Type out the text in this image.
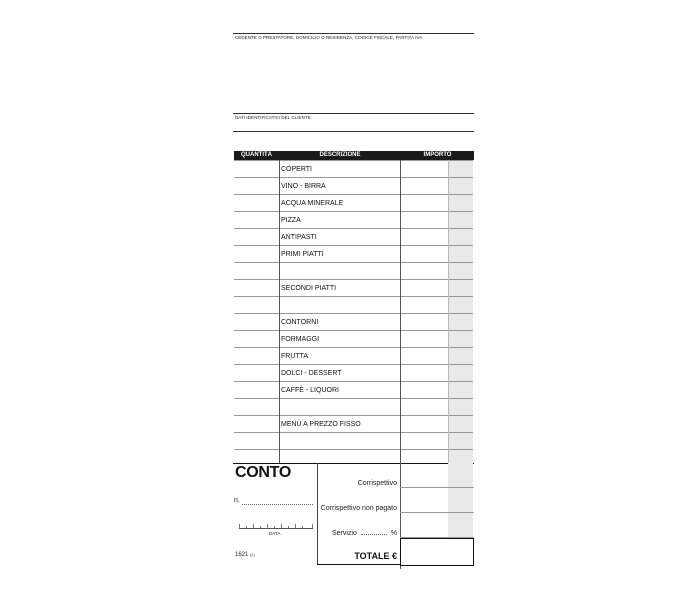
CEDENTE O PRESTATORE, DOMICILIO O RESIDENZA, CODICE FISCALE, PARTITA IVA
DATI IDENTIFICATIVI DEL CLIENTE
QUANTITÀ	DESCRIZIONE	IMPORTO
COPERTI
VINO - BIRRA
ACQUA MINERALE
PIZZA
ANTIPASTI
PRIMI PIATTI
SECONDI PIATTI
CONTORNI
FORMAGGI
FRUTTA
DOLCI - DESSERT
CAFFÈ - LIQUORI
MENÙ A PREZZO FISSO
CONTO
n.
DATA
1621 $^{(1)}$
Corrispettivo
Corrispettivo non pagato
Servizio	%
TOTALE €
